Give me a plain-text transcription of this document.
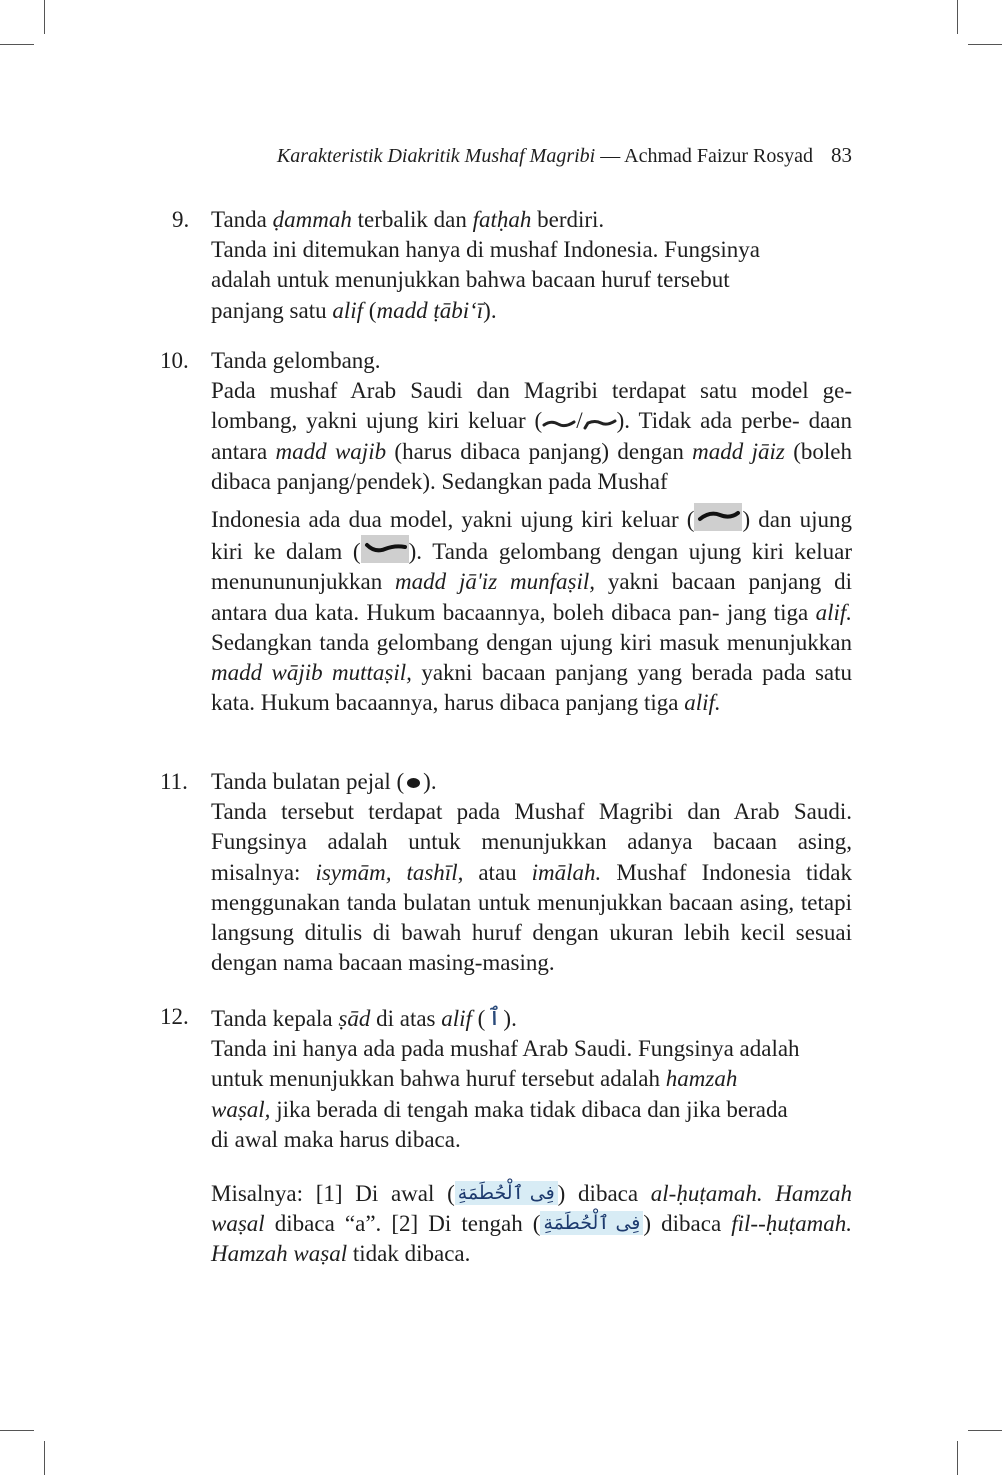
Karakteristik Diakritik Mushaf Magribi — Achmad Faizur Rosyad 83
9. Tanda ḍammah terbalik dan fatḥah berdiri.

Tanda ini ditemukan hanya di mushaf Indonesia. Fungsinya

adalah untuk menunjukkan bahwa bacaan huruf tersebut

panjang satu alif (madd ṭābi‘ī).

10. Tanda gelombang.

Pada mushaf Arab Saudi dan Magribi terdapat satu model ge- lombang, yakni ujung kiri keluar ( / ). Tidak ada perbe- daan antara madd wajib (harus dibaca panjang) dengan madd jāiz (boleh dibaca panjang/pendek). Sedangkan pada Mushaf
Indonesia ada dua model, yakni ujung kiri keluar ( ) dan ujung kiri ke dalam ( ). Tanda gelombang dengan ujung kiri keluar menunununjukkan madd jā'iz munfaṣil, yakni bacaan panjang di antara dua kata. Hukum bacaannya, boleh dibaca pan- jang tiga alif. Sedangkan tanda gelombang dengan ujung kiri masuk menunjukkan madd wājib muttaṣil, yakni bacaan panjang yang berada pada satu kata. Hukum bacaannya, harus dibaca panjang tiga alif.
11. Tanda bulatan pejal ( ).

Tanda tersebut terdapat pada Mushaf Magribi dan Arab Saudi. Fungsinya adalah untuk menunjukkan adanya bacaan asing, misalnya: isymām, tashīl, atau imālah. Mushaf Indonesia tidak menggunakan tanda bulatan untuk menunjukkan bacaan asing, tetapi langsung ditulis di bawah huruf dengan ukuran lebih kecil sesuai dengan nama bacaan masing-masing.
12. Tanda kepala ṣād di atas alif (ٱ).

Tanda ini hanya ada pada mushaf Arab Saudi. Fungsinya adalah

untuk menunjukkan bahwa huruf tersebut adalah hamzah

waṣal, jika berada di tengah maka tidak dibaca dan jika berada

di awal maka harus dibaca.

Misalnya: [1] Di awal ( فِى ٱلْحُطَمَةِ ) dibaca al-ḥuṭamah. Hamzah waṣal dibaca “a”. [2] Di tengah ( فِى ٱلْحُطَمَةِ ) dibaca fil--ḥuṭamah. Hamzah waṣal tidak dibaca.
